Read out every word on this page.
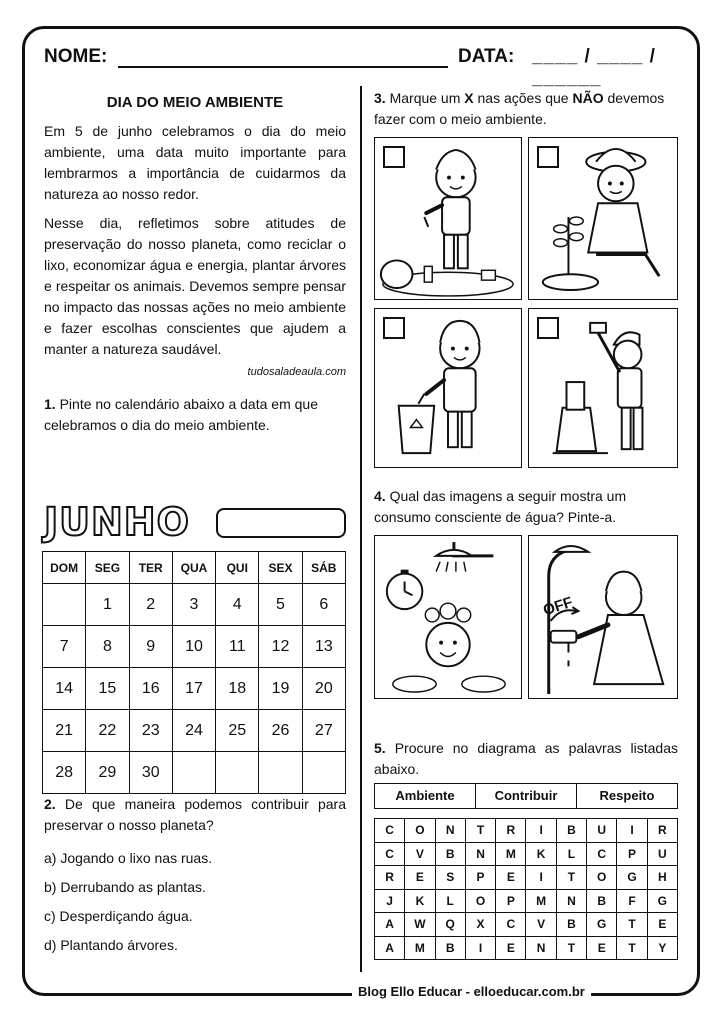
NOME:	DATA: ____ / ____ / ______
DIA DO MEIO AMBIENTE

Em 5 de junho celebramos o dia do meio ambiente, uma data muito importante para lembrarmos a importância de cuidarmos da natureza ao nosso redor.

Nesse dia, refletimos sobre atitudes de preservação do nosso planeta, como reciclar o lixo, economizar água e energia, plantar árvores e respeitar os animais. Devemos sempre pensar no impacto das nossas ações no meio ambiente e fazer escolhas conscientes que ajudem a manter a natureza saudável.

tudosaladeaula.com

1. Pinte no calendário abaixo a data em que celebramos o dia do meio ambiente.

JUNHO
DOM	SEG	TER	QUA	QUI	SEX	SÁB
	1	2	3	4	5	6
7	8	9	10	11	12	13
14	15	16	17	18	19	20
21	22	23	24	25	26	27
28	29	30				

2. De que maneira podemos contribuir para preservar o nosso planeta?

a) Jogando o lixo nas ruas.
b) Derrubando as plantas.
c) Desperdiçando água.
d) Plantando árvores.

3. Marque um X nas ações que NÃO devemos fazer com o meio ambiente.

4. Qual das imagens a seguir mostra um consumo consciente de água? Pinte-a.

OFF

5. Procure no diagrama as palavras listadas abaixo.

Ambiente	Contribuir	Respeito
C	O	N	T	R	I	B	U	I	R
C	V	B	N	M	K	L	C	P	U
R	E	S	P	E	I	T	O	G	H
J	K	L	O	P	M	N	B	F	G
A	W	Q	X	C	V	B	G	T	E
A	M	B	I	E	N	T	E	T	Y
Blog Ello Educar - elloeducar.com.br
